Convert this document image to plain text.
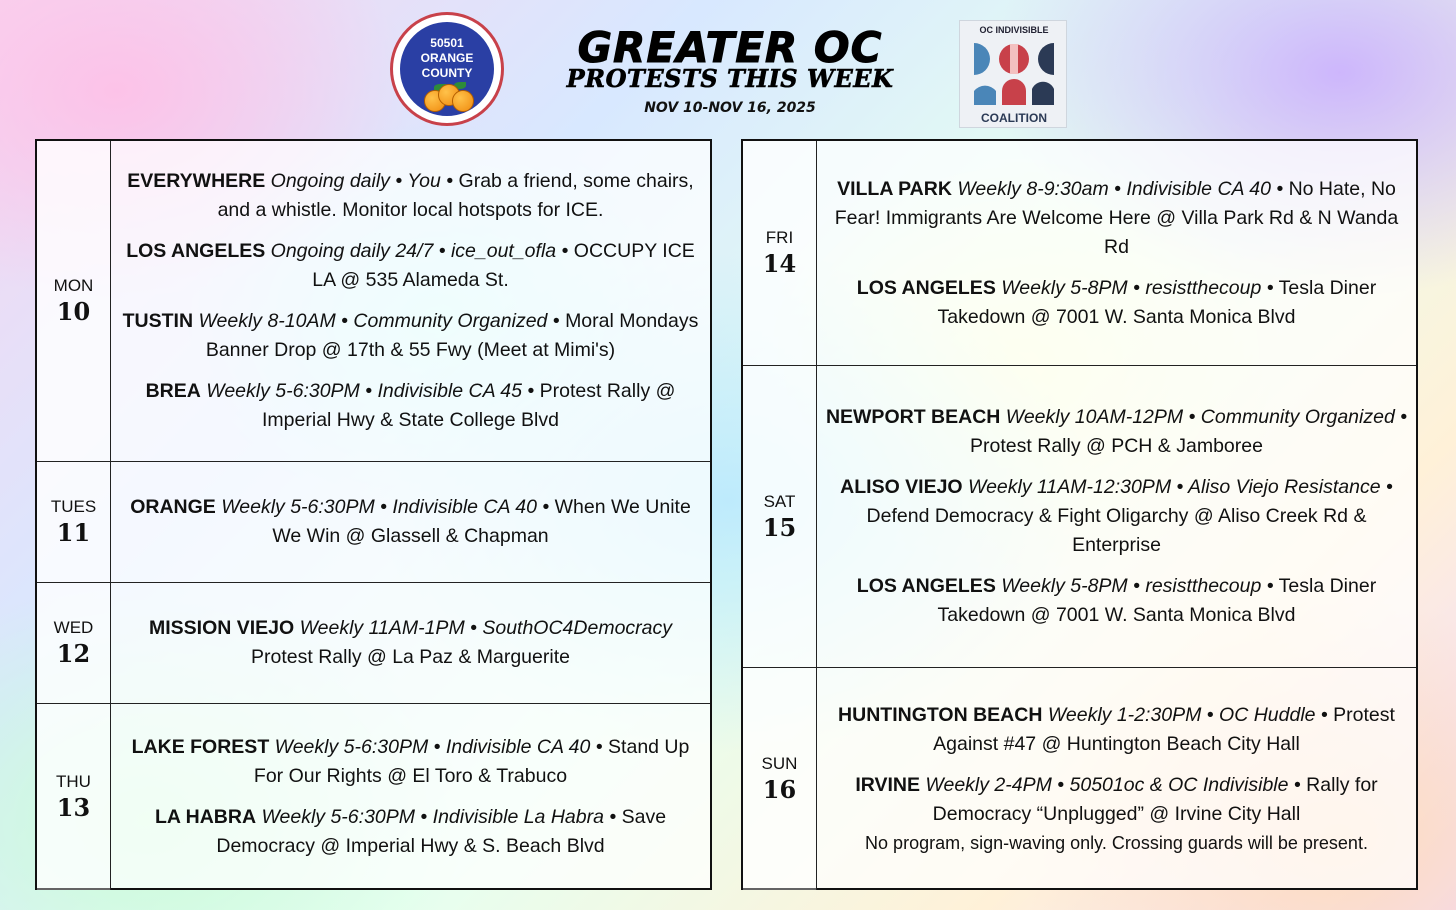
50501
ORANGE
COUNTY
GREATER OC
PROTESTS THIS WEEK
NOV 10-NOV 16, 2025
OC INDIVISIBLE
COALITION
MON
10
EVERYWHERE Ongoing daily • You • Grab a friend, some chairs, and a whistle. Monitor local hotspots for ICE.
LOS ANGELES Ongoing daily 24/7 • ice_out_ofla • OCCUPY ICE LA @ 535 Alameda St.
TUSTIN Weekly 8-10AM • Community Organized • Moral Mondays Banner Drop @ 17th & 55 Fwy (Meet at Mimi's)
BREA Weekly 5-6:30PM • Indivisible CA 45 • Protest Rally @ Imperial Hwy & State College Blvd
TUES
11
ORANGE Weekly 5-6:30PM • Indivisible CA 40 • When We Unite We Win @ Glassell & Chapman
WED
12
MISSION VIEJO Weekly 11AM-1PM • SouthOC4Democracy Protest Rally @ La Paz & Marguerite
THU
13
LAKE FOREST Weekly 5-6:30PM • Indivisible CA 40 • Stand Up For Our Rights @ El Toro & Trabuco
LA HABRA Weekly 5-6:30PM • Indivisible La Habra • Save Democracy @ Imperial Hwy & S. Beach Blvd
FRI
14
VILLA PARK Weekly 8-9:30am • Indivisible CA 40 • No Hate, No Fear! Immigrants Are Welcome Here @ Villa Park Rd & N Wanda Rd
LOS ANGELES Weekly 5-8PM • resistthecoup • Tesla Diner Takedown @ 7001 W. Santa Monica Blvd
SAT
15
NEWPORT BEACH Weekly 10AM-12PM • Community Organized • Protest Rally @ PCH & Jamboree
ALISO VIEJO Weekly 11AM-12:30PM • Aliso Viejo Resistance • Defend Democracy & Fight Oligarchy @ Aliso Creek Rd & Enterprise
LOS ANGELES Weekly 5-8PM • resistthecoup • Tesla Diner Takedown @ 7001 W. Santa Monica Blvd
SUN
16
HUNTINGTON BEACH Weekly 1-2:30PM • OC Huddle • Protest Against #47 @ Huntington Beach City Hall
IRVINE Weekly 2-4PM • 50501oc & OC Indivisible • Rally for Democracy “Unplugged” @ Irvine City Hall
No program, sign-waving only. Crossing guards will be present.
